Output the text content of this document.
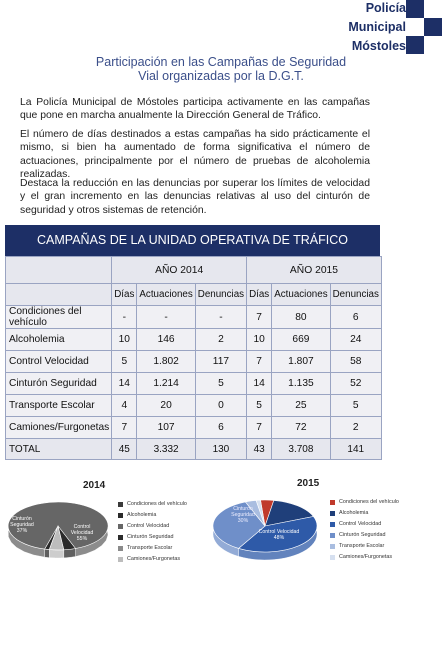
Policía
Municipal
Móstoles
Participación en las Campañas de Seguridad
Vial organizadas por la D.G.T.

La Policía Municipal de Móstoles participa activamente en las campañas que pone en marcha anualmente la Dirección General de Tráfico.

El número de días destinados a estas campañas ha sido prácticamente el mismo, si bien ha aumentado de forma significativa el número de actuaciones, principalmente por el número de pruebas de alcoholemia realizadas.

Destaca la reducción en las denuncias por superar los límites de velocidad y el gran incremento en las denuncias relativas al uso del cinturón de seguridad y otros sistemas de retención.

CAMPAÑAS DE LA UNIDAD OPERATIVA DE TRÁFICO
	AÑO 2014			AÑO 2015		
	Días	Actuaciones	Denuncias	Días	Actuaciones	Denuncias
Condiciones del vehículo	-	-	-	7	80	6
Alcoholemia	10	146	2	10	669	24
Control Velocidad	5	1.802	117	7	1.807	58
Cinturón Seguridad	14	1.214	5	14	1.135	52
Transporte Escolar	4	20	0	5	25	5
Camiones/Furgonetas	7	107	6	7	72	2
TOTAL	45	3.332	130	43	3.708	141
2014
Cinturón Seguridad 37%
Control Velocidad 55%
Condiciones del vehículo
Alcoholemia
Control Velocidad
Cinturón Seguridad
Transporte Escolar
Camiones/Furgonetas
2015
Cinturón Seguridad 30%
Control Velocidad 48%
Condiciones del vehículo
Alcoholemia
Control Velocidad
Cinturón Seguridad
Transporte Escolar
Camiones/Furgonetas
